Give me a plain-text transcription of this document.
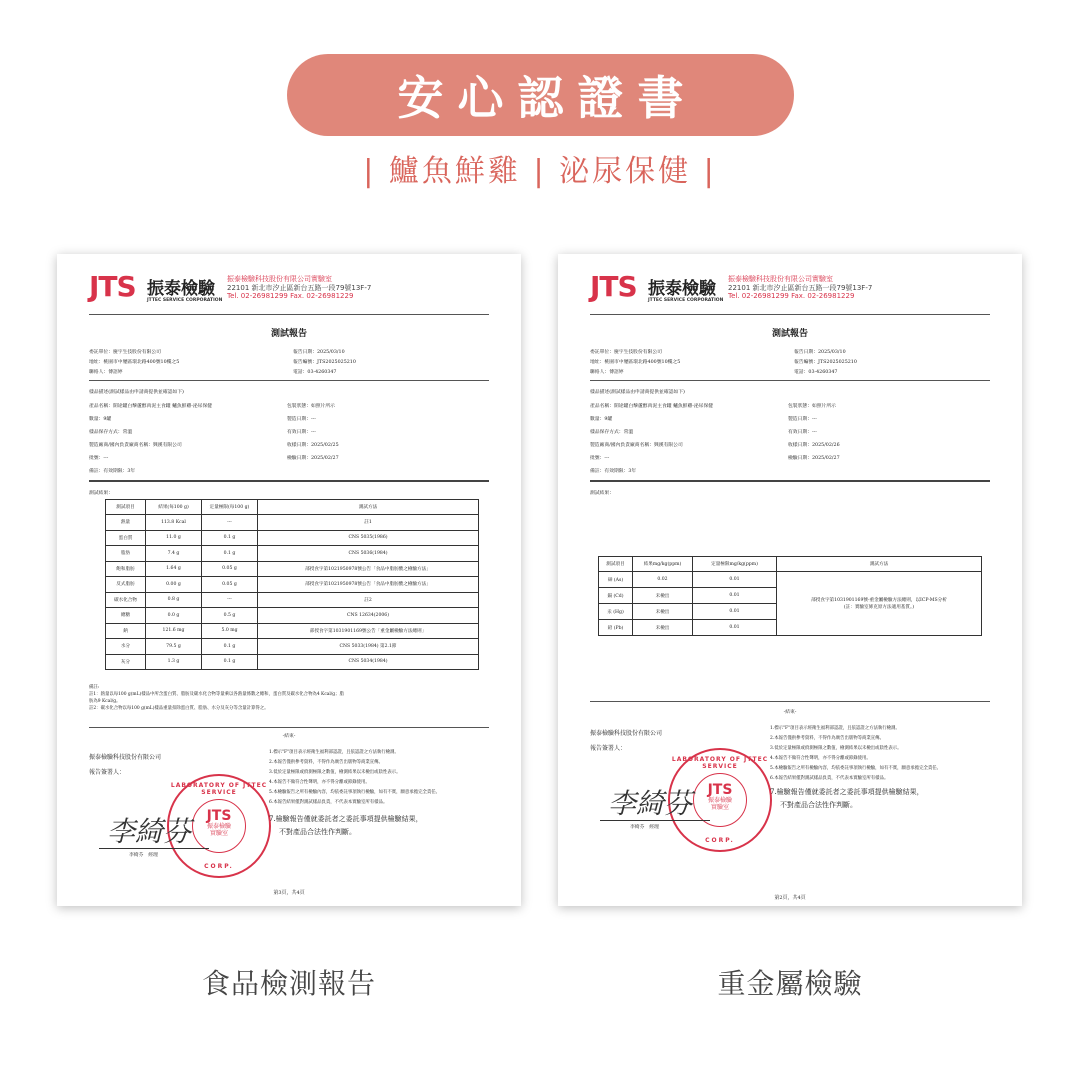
安心認證書
| 鱸魚鮮雞 | 泌尿保健 |
JTS 振泰檢驗
JTTEC SERVICE CORPORATION
振泰檢驗科技股份有限公司實驗室
22101 新北市汐止區新台五路一段79號13F-7
Tel. 02-26981299 Fax. 02-26981229
測試報告
委託單位：慶宇生技股份有限公司
地址：桃園市中壢區環北路400號10樓之5
聯絡人：傅語婷
報告日期：2025/03/10
報告編號：JTS2025025210
電話：03-4260347
樣品描述(測試樣品由申請商提供並確認如下)
產品名稱：開途罐白藜蘆醇肉泥主食罐 鱸魚鮮雞-泌尿保健	包裝狀態：如照片所示
數量：9罐	製造日期：---
樣品保存方式：常溫	有效日期：---
製造廠商/國內負責廠商名稱：興漢有限公司	收樣日期：2025/02/25
批號：---	檢驗日期：2025/02/27
備註：有效期限：3年
測試結果：
測試項目	結果(每100 g)	定量極限(每100 g)	測試方法
熱量	113.8 Kcal	---	註1
蛋白質	11.0 g	0.1 g	CNS 5035(1986)
脂肪	7.4 g	0.1 g	CNS 5036(1984)
飽和脂肪	1.64 g	0.05 g	部授食字第1021950978號公告「食品中脂肪酸之檢驗方法」
反式脂肪	0.00 g	0.05 g	部授食字第1021950978號公告「食品中脂肪酸之檢驗方法」
碳水化合物	0.8 g	---	註2
總糖	0.0 g	0.5 g	CNS 12634(2006)
鈉	121.6 mg	5.0 mg	部授食字第1031901169號公告「重金屬檢驗方法總則」
水分	79.5 g	0.1 g	CNS 5033(1984) 第2.1節
灰分	1.3 g	0.1 g	CNS 5034(1984)
備註:
註1：熱量以每100 g(mL)樣品中所含蛋白質、脂肪及碳水化合物等量乘以各熱量係數之總和，蛋白質及碳水化合物為4 Kcal/g；脂
肪為9 Kcal/g。
註2：碳水化合物以每100 g(mL)樣品重量扣除蛋白質、脂肪、水分及灰分等含量計算得之。
-結束-
振泰檢驗科技股份有限公司
報告簽署人：
LABORATORY OF JTTEC SERVICE
JTS
振泰檢驗
實驗室
CORP.
李綺芬
李綺芬　經理
1.標示"F"項目表示經衛生福利部認證，且依認證之方法執行檢測。
2.本報告僅供參考資料，不得作為廣告出版物等商業宣傳。
3.低於定量極限或偵測極限之數值，檢測結果以未檢出或陰性表示。
4.本報告不做符合性聲明，亦不得分離或節錄使用。
5.本檢驗報告之所有檢驗內容，均依委託事項執行檢驗，如有不實，願意承擔完全責任。
6.本報告結果僅對測試樣品負責，不代表本實驗室所有樣品。
7.檢驗報告僅就委託者之委託事項提供檢驗結果，
不對產品合法性作判斷。
第3頁，共4頁
JTS 振泰檢驗
JTTEC SERVICE CORPORATION
振泰檢驗科技股份有限公司實驗室
22101 新北市汐止區新台五路一段79號13F-7
Tel. 02-26981299 Fax. 02-26981229
測試報告
委託單位：慶宇生技股份有限公司
地址：桃園市中壢區環北路400號10樓之5
聯絡人：傅語婷
報告日期：2025/03/10
報告編號：JTS2025025210
電話：03-4260347
樣品描述(測試樣品由申請商提供並確認如下)
產品名稱：開途罐白藜蘆醇肉泥主食罐 鱸魚鮮雞-泌尿保健	包裝狀態：如照片所示
數量：9罐	製造日期：---
樣品保存方式：常溫	有效日期：---
製造廠商/國內負責廠商名稱：興漢有限公司	收樣日期：2025/02/26
批號：---	檢驗日期：2025/02/27
備註：有效期限：3年
測試結果：
測試項目	結果mg/kg(ppm)	定量極限mg/kg(ppm)	測試方法
砷 (As)	0.02	0.01	部授食字第1031901169號-重金屬檢驗方法總則，以ICP-MS分析
(註：實驗室條克原方法適用基質。)

鎘 (Cd)	未檢出	0.01	
汞 (Hg)	未檢出	0.01	
鉛 (Pb)	未檢出	0.01	
-結束-
振泰檢驗科技股份有限公司
報告簽署人：
LABORATORY OF JTTEC SERVICE
JTS
振泰檢驗
實驗室
CORP.
李綺芬
李綺芬　經理
1.標示"F"項目表示經衛生福利部認證，且依認證之方法執行檢測。
2.本報告僅供參考資料，不得作為廣告出版物等商業宣傳。
3.低於定量極限或偵測極限之數值，檢測結果以未檢出或陰性表示。
4.本報告不做符合性聲明，亦不得分離或節錄使用。
5.本檢驗報告之所有檢驗內容，均依委託事項執行檢驗，如有不實，願意承擔完全責任。
6.本報告結果僅對測試樣品負責，不代表本實驗室所有樣品。
7.檢驗報告僅就委託者之委託事項提供檢驗結果，
不對產品合法性作判斷。
第2頁，共4頁
食品檢測報告	重金屬檢驗
